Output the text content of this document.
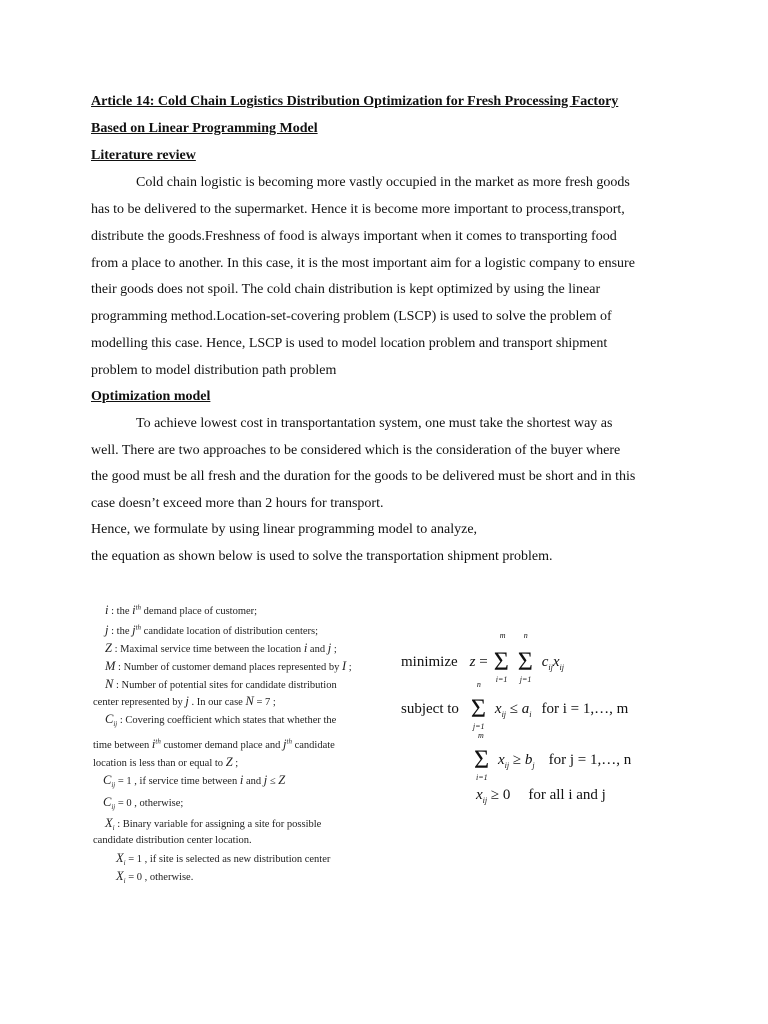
Article 14: Cold Chain Logistics Distribution Optimization for Fresh Processing Factory
Based on Linear Programming Model
Literature review
Cold chain logistic is becoming more vastly occupied in the market as more fresh goods
has to be delivered to the supermarket. Hence it is become more important to process,transport,
distribute the goods.Freshness of food is always important when it comes to transporting food
from a place to another. In this case, it is the most important aim for a logistic company to ensure
their goods does not spoil. The cold chain distribution is kept optimized by using the linear
programming method.Location-set-covering problem (LSCP) is used to solve the problem of
modelling this case. Hence, LSCP is used to model location problem and transport shipment
problem to model distribution path problem
Optimization model
To achieve lowest cost in transportantation system, one must take the shortest way as
well. There are two approaches to be considered which is the consideration of the buyer where
the good must be all fresh and the duration for the goods to be delivered must be short and in this
case doesn’t exceed more than 2 hours for transport.
Hence, we formulate by using linear programming model to analyze,
the equation as shown below is used to solve the transportation shipment problem.
i : the $i^{th}$ demand place of customer;
j : the $j^{th}$ candidate location of distribution centers;
Z : Maximal service time between the location i and j ;
M : Number of customer demand places represented by I ;
N : Number of potential sites for candidate distribution
center represented by j . In our case N = 7 ;
$C_{ij}$ : Covering coefficient which states that whether the
time between $i^{th}$ customer demand place and $j^{th}$ candidate
location is less than or equal to Z ;
$C_{ij} = 1$ , if service time between i and j ≤ Z
$C_{ij} = 0$ , otherwise;
$X_i$ : Binary variable for assigning a site for possible
candidate distribution center location.
$X_i = 1$ , if site is selected as new distribution center
$X_i = 0$ , otherwise.
minimize z =
m
Σ
i=1

n
Σ
j=1
$c_{ij}x_{ij}$
subject to
n
Σ
j=1
$x_{ij} \le a_i$ for i = 1,…, m
m
Σ
i=1
$x_{ij} \ge b_j$ for j = 1,…, n
$x_{ij} \ge 0$ for all i and j
